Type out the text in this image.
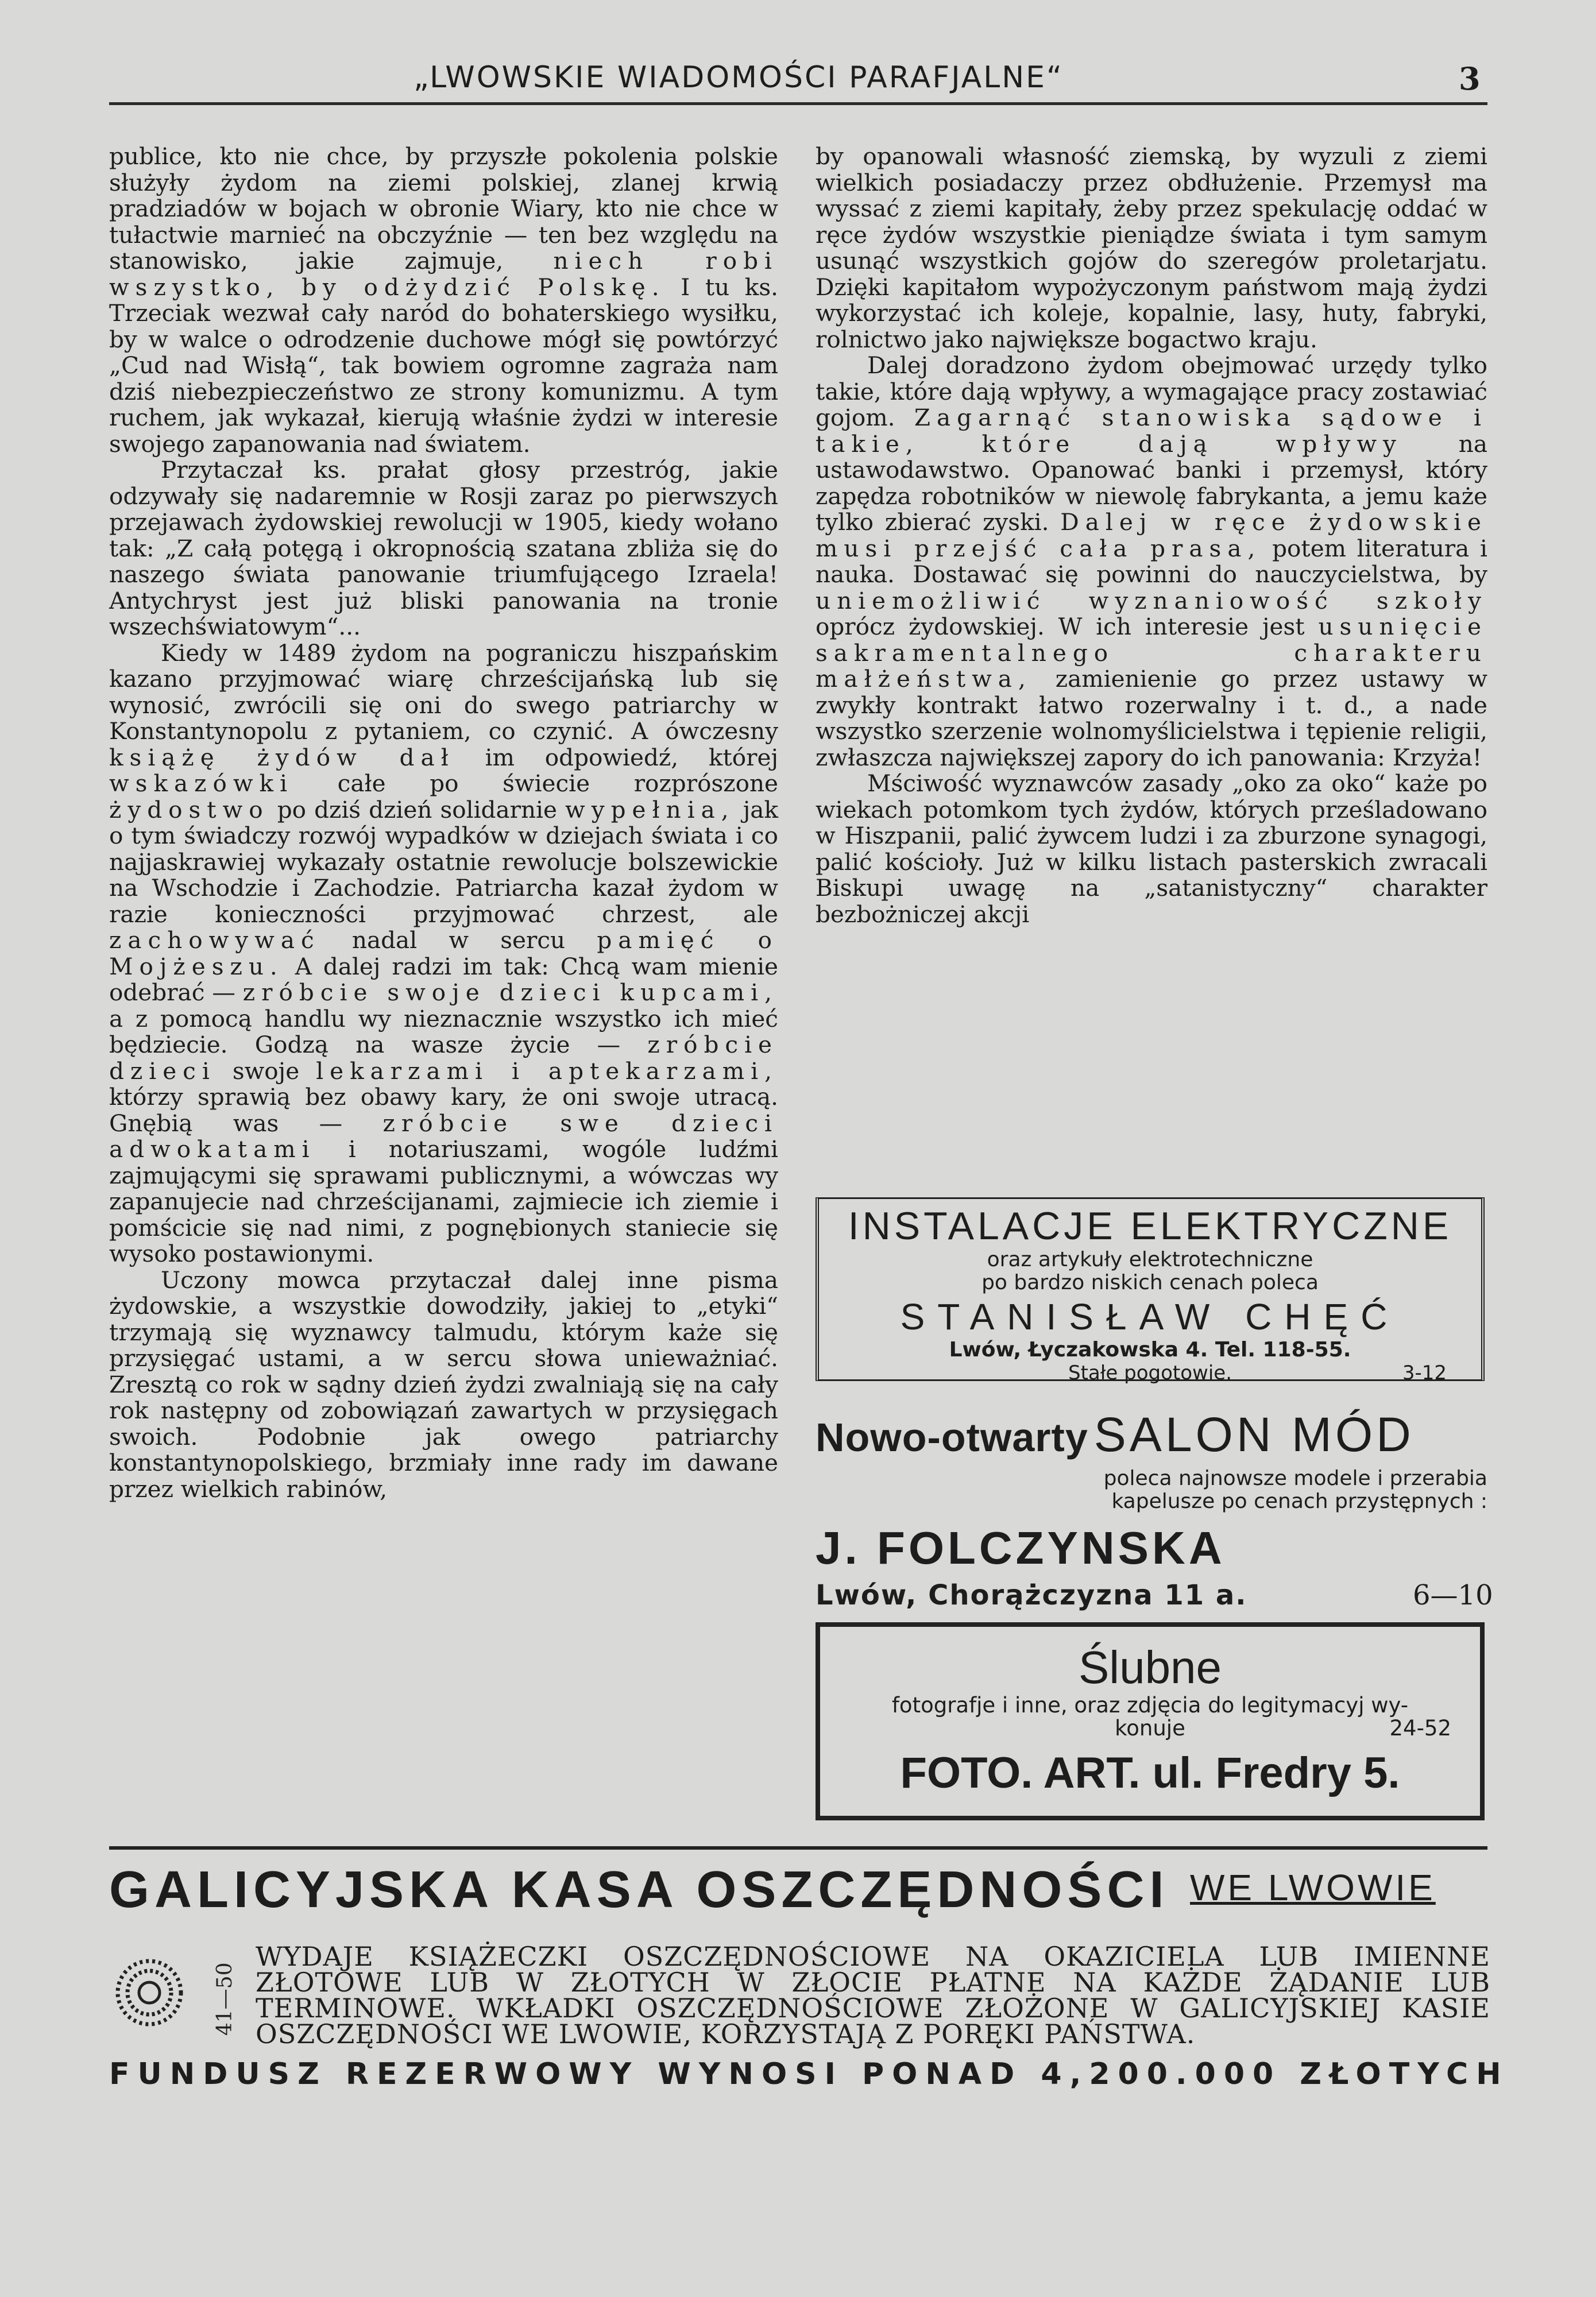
„LWOWSKIE WIADOMOŚCI PARAFJALNE“	3

publice, kto nie chce, by przyszłe pokolenia polskie służyły żydom na ziemi polskiej, zlanej krwią pradziadów w bojach w obronie Wiary, kto nie chce w tułactwie marnieć na obczyźnie — ten bez względu na stanowisko, jakie zajmuje, niech robi wszystko, by odżydzić Polskę. I tu ks. Trzeciak wezwał cały naród do bohaterskiego wysiłku, by w walce o odrodzenie duchowe mógł się powtórzyć „Cud nad Wisłą“, tak bowiem ogromne zagraża nam dziś niebezpieczeństwo ze strony komunizmu. A tym ruchem, jak wykazał, kierują właśnie żydzi w interesie swojego zapanowania nad światem.

Przytaczał ks. prałat głosy przestróg, jakie odzywały się nadaremnie w Rosji zaraz po pierwszych przejawach żydowskiej rewolucji w 1905, kiedy wołano tak: „Z całą potęgą i okropnością szatana zbliża się do naszego świata panowanie triumfującego Izraela! Antychryst jest już bliski panowania na tronie wszechświatowym“...

Kiedy w 1489 żydom na pograniczu hiszpańskim kazano przyjmować wiarę chrześcijańską lub się wynosić, zwrócili się oni do swego patriarchy w Konstantynopolu z pytaniem, co czynić. A ówczesny książę żydów dał im odpowiedź, której wskazówki całe po świecie rozprószone żydostwo po dziś dzień solidarnie wypełnia, jak o tym świadczy rozwój wypadków w dziejach świata i co najjaskrawiej wykazały ostatnie rewolucje bolszewickie na Wschodzie i Zachodzie. Patriarcha kazał żydom w razie konieczności przyjmować chrzest, ale zachowywać nadal w sercu pamięć o Mojżeszu. A dalej radzi im tak: Chcą wam mienie odebrać — zróbcie swoje dzieci kupcami, a z pomocą handlu wy nieznacznie wszystko ich mieć będziecie. Godzą na wasze życie — zróbcie dzieci swoje lekarzami i aptekarzami, którzy sprawią bez obawy kary, że oni swoje utracą. Gnębią was — zróbcie swe dzieci adwokatami i notariuszami, wogóle ludźmi zajmującymi się sprawami publicznymi, a wówczas wy zapanujecie nad chrześcijanami, zajmiecie ich ziemie i pomścicie się nad nimi, z pognębionych staniecie się wysoko postawionymi.

Uczony mowca przytaczał dalej inne pisma żydowskie, a wszystkie dowodziły, jakiej to „etyki“ trzymają się wyznawcy talmudu, którym każe się przysięgać ustami, a w sercu słowa unieważniać. Zresztą co rok w sądny dzień żydzi zwalniają się na cały rok następny od zobowiązań zawartych w przysięgach swoich. Podobnie jak owego patriarchy konstantynopolskiego, brzmiały inne rady im dawane przez wielkich rabinów,

by opanowali własność ziemską, by wyzuli z ziemi wielkich posiadaczy przez obdłużenie. Przemysł ma wyssać z ziemi kapitały, żeby przez spekulację oddać w ręce żydów wszystkie pieniądze świata i tym samym usunąć wszystkich gojów do szeregów proletarjatu. Dzięki kapitałom wypożyczonym państwom mają żydzi wykorzystać ich koleje, kopalnie, lasy, huty, fabryki, rolnictwo jako największe bogactwo kraju.

Dalej doradzono żydom obejmować urzędy tylko takie, które dają wpływy, a wymagające pracy zostawiać gojom. Zagarnąć stanowiska sądowe i takie, które dają wpływy na ustawodawstwo. Opanować banki i przemysł, który zapędza robotników w niewolę fabrykanta, a jemu każe tylko zbierać zyski. Dalej w ręce żydowskie musi przejść cała prasa, potem literatura i nauka. Dostawać się powinni do nauczycielstwa, by uniemożliwić wyznaniowość szkoły oprócz żydowskiej. W ich interesie jest usunięcie sakramentalnego charakteru małżeństwa, zamienienie go przez ustawy w zwykły kontrakt łatwo rozerwalny i t. d., a nade wszystko szerzenie wolnomyślicielstwa i tępienie religii, zwłaszcza największej zapory do ich panowania: Krzyża!

Mściwość wyznawców zasady „oko za oko“ każe po wiekach potomkom tych żydów, których prześladowano w Hiszpanii, palić żywcem ludzi i za zburzone synagogi, palić kościoły. Już w kilku listach pasterskich zwracali Biskupi uwagę na „satanistyczny“ charakter bezbożniczej akcji

INSTALACJE ELEKTRYCZNE
oraz artykuły elektrotechniczne
po bardzo niskich cenach poleca
STANISŁAW CHĘĆ
Lwów, Łyczakowska 4. Tel. 118-55.
Stałe pogotowie.	3-12
Nowo-otwarty SALON MÓD
poleca najnowsze modele i przerabia
kapelusze po cenach przystępnych :
J. FOLCZYNSKA
Lwów, Chorążczyzna 11 a.	6—10
Ślubne
fotografje i inne, oraz zdjęcia do legitymacyj wy-
konuje	24-52
FOTO. ART. ul. Fredry 5.
GALICYJSKA KASA OSZCZĘDNOŚCI WE LWOWIE
41—50
WYDAJE KSIĄŻECZKI OSZCZĘDNOŚCIOWE NA OKAZICIELA LUB IMIENNE ZŁOTOWE LUB W ZŁOTYCH W ZŁOCIE PŁATNE NA KAŻDE ŻĄDANIE LUB TERMINOWE. WKŁADKI OSZCZĘDNOŚCIOWE ZŁOŻONE W GALICYJSKIEJ KASIE OSZCZĘDNOŚCI WE LWOWIE, KORZYSTAJĄ Z PORĘKI PAŃSTWA.
FUNDUSZ REZERWOWY WYNOSI PONAD 4,200.000 ZŁOTYCH
